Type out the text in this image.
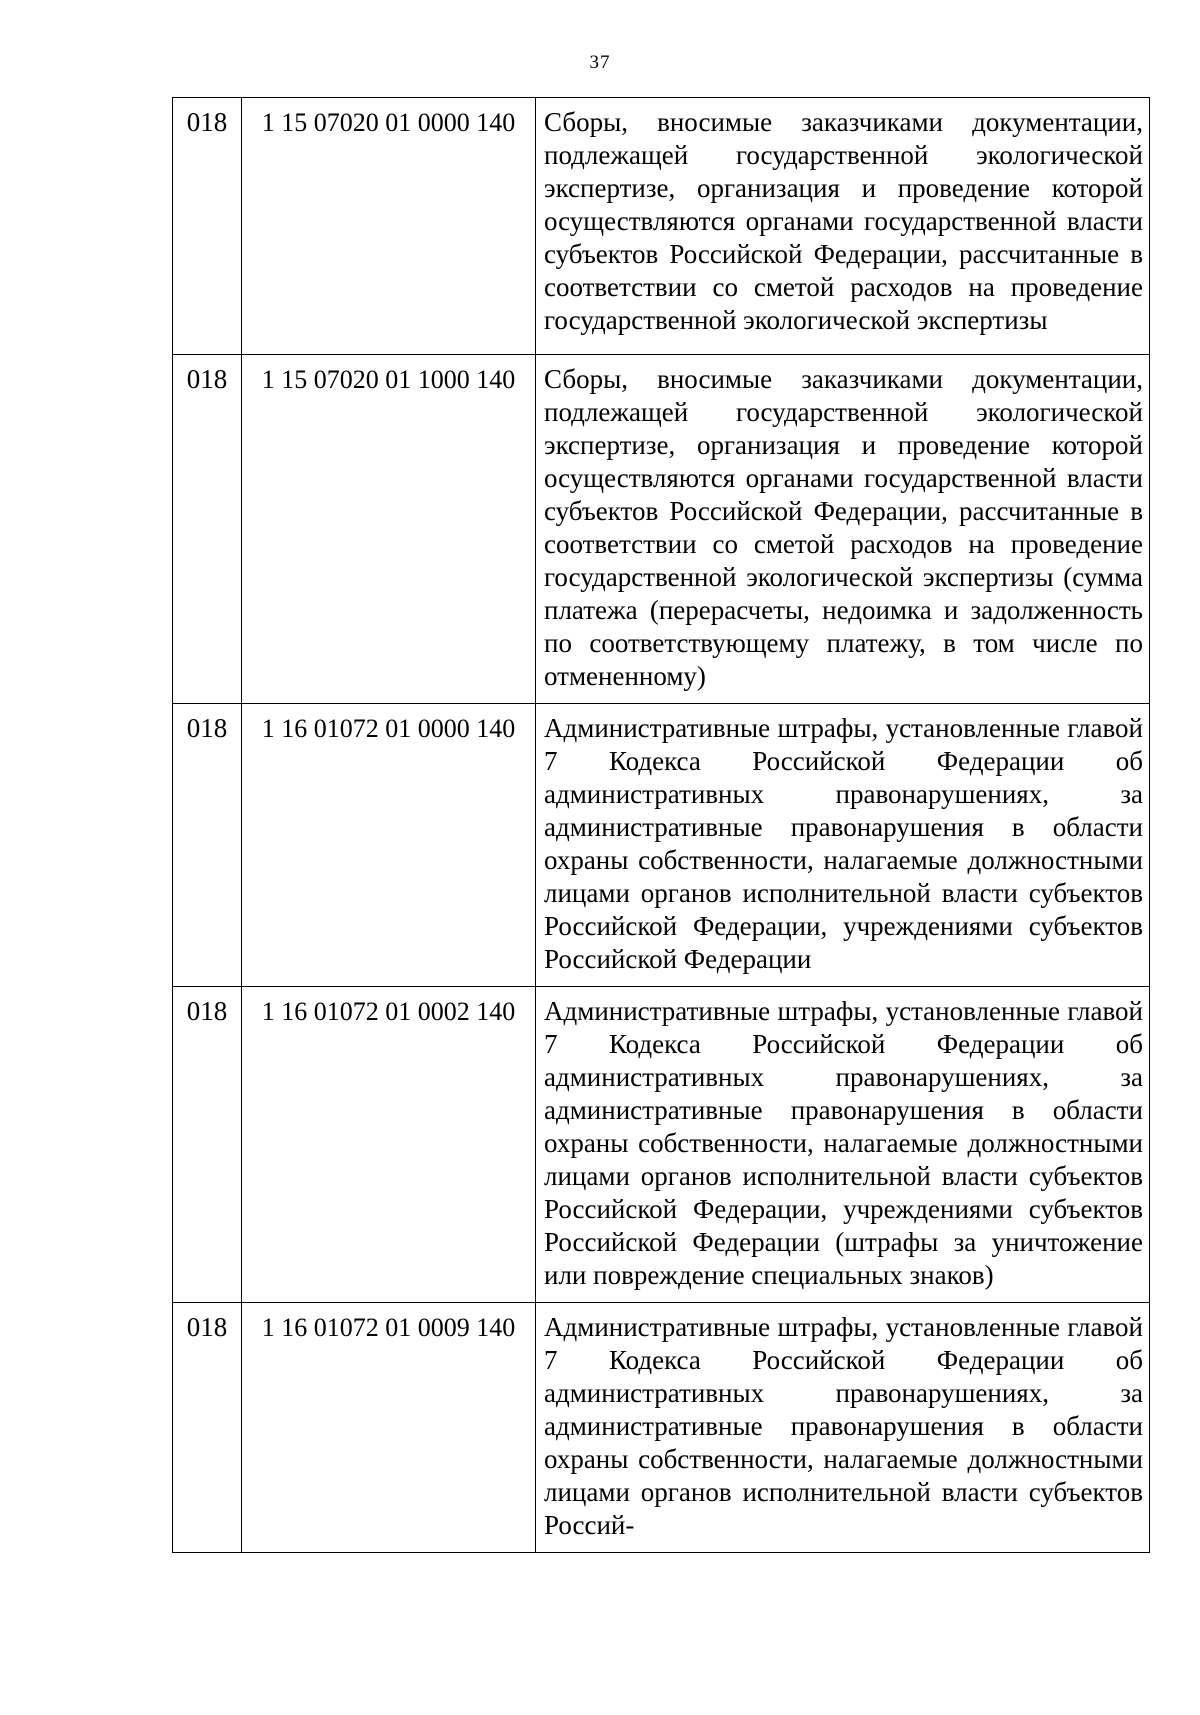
37
018	1 15 07020 01 0000 140	Сборы, вносимые заказчиками документации, подлежащей государственной экологической экспертизе, организация и проведение которой осуществляются органами государственной власти субъектов Российской Федерации, рассчитанные в соответствии со сметой расходов на проведение государственной экологической экспертизы
018	1 15 07020 01 1000 140	Сборы, вносимые заказчиками документации, подлежащей государственной экологической экспертизе, организация и проведение которой осуществляются органами государственной власти субъектов Российской Федерации, рассчитанные в соответствии со сметой расходов на проведение государственной экологической экспертизы (сумма платежа (перерасчеты, недоимка и задолженность по соответствующему платежу, в том числе по отмененному)
018	1 16 01072 01 0000 140	Административные штрафы, установленные главой 7 Кодекса Российской Федерации об административных правонарушениях, за административные правонарушения в области охраны собственности, налагаемые должностными лицами органов исполнительной власти субъектов Российской Федерации, учреждениями субъектов Российской Федерации
018	1 16 01072 01 0002 140	Административные штрафы, установленные главой 7 Кодекса Российской Федерации об административных правонарушениях, за административные правонарушения в области охраны собственности, налагаемые должностными лицами органов исполнительной власти субъектов Российской Федерации, учреждениями субъектов Российской Федерации (штрафы за уничтожение или повреждение специальных знаков)
018	1 16 01072 01 0009 140	Административные штрафы, установленные главой 7 Кодекса Российской Федерации об административных правонарушениях, за административные правонарушения в области охраны собственности, налагаемые должностными лицами органов исполнительной власти субъектов Россий-
